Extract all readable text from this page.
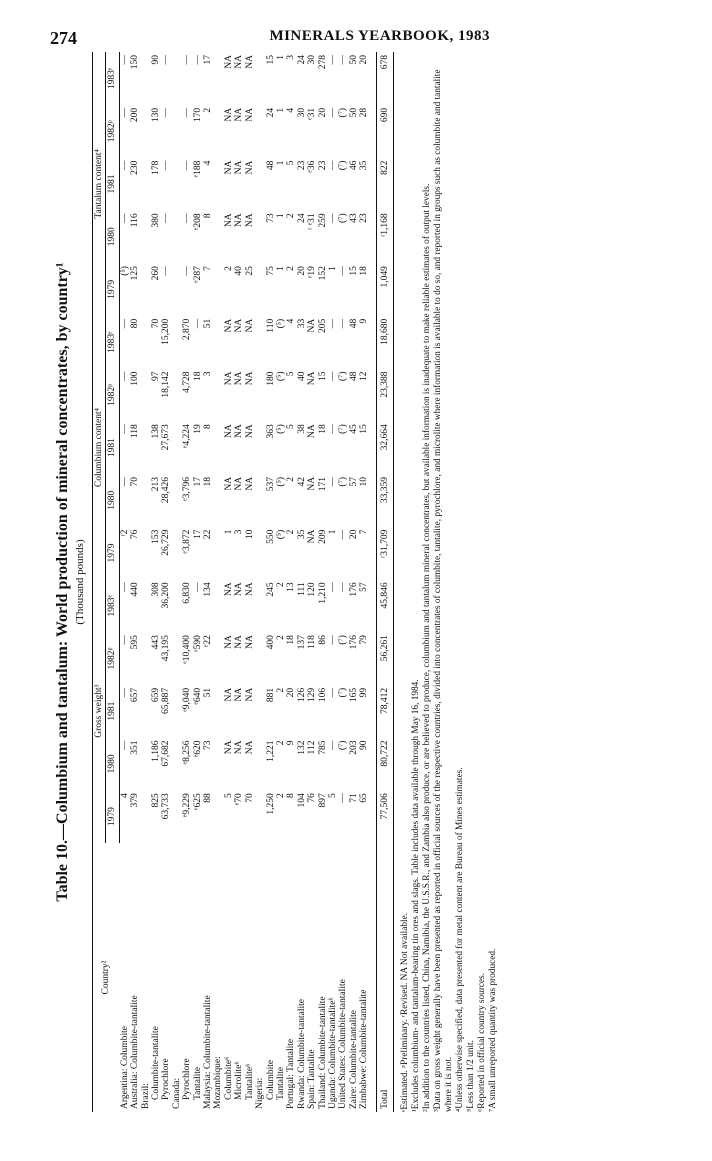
274	MINERALS YEARBOOK, 1983
Table 10.—Columbium and tantalum: World production of mineral concentrates, by country¹ (Thousand pounds)
Country²	Gross weight³					Columbium content⁴					Tantalum content⁴				
	1979	1980	1981	1982ᵖ	1983ᵉ	1979	1980	1981	1982ᵖ	1983ᵉ	1979	1980	1981	1982ᵖ	1983ᵉ
Argentina: Columbite	4	—	—	—	—	ʳ2	—	—	—	—	(⁵)	—	—	—	—
Australia: Columbite-tantalite	379	351	657	595	440	76	70	118	100	80	125	116	230	200	150
Brazil:															
Columbite-tantalite	825	1,186	659	443	308	153	213	138	97	70	260	380	178	130	90
Pyrochlore	63,733	67,682	65,887	43,195	36,200	26,729	28,426	27,673	18,142	15,200	—	—	—	—	—
Canada:															
Pyrochlore	ᵉ9,229	ᵉ8,256	ᵉ9,040	ᵉ10,400	6,830	ᵉ3,872	ᵉ3,796	ᵉ4,224	4,728	2,870	—	—	—	—	—
Tantalite	ᵉ625	ᵉ620	ᵉ640	ᵉ590	—	17	17	19	18	—	ᵉ287	ᵉ208	ᵉ188	170	—
Malaysia: Columbite-tantalite	88	73	51	ᵉ22	134	22	18	8	3	51	7	8	4	2	17
Mozambique:															
Columbite⁶	5	NA	NA	NA	NA	1	NA	NA	NA	NA	2	NA	NA	NA	NA
Microlite⁶	ᵉ70	NA	NA	NA	NA	3	NA	NA	NA	NA	40	NA	NA	NA	NA
Tantalite⁶	70	NA	NA	NA	NA	10	NA	NA	NA	NA	25	NA	NA	NA	NA
Nigeria:															
Columbite	1,250	1,221	881	400	245	550	537	363	180	110	75	73	48	24	15
Tantalite	2	2	2	2	2	(⁵)	(⁵)	(⁵)	(⁵)	(⁵)	1	1	1	1	1
Portugal: Tantalite	8	9	20	18	13	2	2	5	5	4	2	2	5	4	3
Rwanda: Columbite-tantalite	104	132	126	137	111	35	42	38	40	33	20	24	23	30	24
Spain: Tantalite	76	112	129	118	120	NA	NA	NA	NA	NA	ᵉ19	ʳ ᵉ31	ᵉ36	ᵉ31	30
Thailand: Columbite-tantalite	897	785	106	86	1,210	209	171	18	15	205	152	259	23	20	278
Uganda: Columbite-tantalite⁶	5	—	—	—	—	1	—	—	—	—	1	—	—	—	—
United States: Columbite-tantalite	—	(⁷)	(⁷)	(⁷)	—	—	(⁷)	(⁷)	(⁷)	—	—	(⁷)	(⁷)	(⁷)	—
Zaire: Columbite-tantalite	71	203	165	176	176	20	57	45	48	48	15	43	46	50	50
Zimbabwe: Columbite-tantalite	65	90	99	79	57	7	10	15	12	9	18	23	35	28	20

Total	77,506	80,722	78,412	56,261	45,846	ʳ31,709	33,359	32,664	23,388	18,680	1,049	ʳ1,168	822	690	678

ᵉEstimated. ᵖPreliminary. ʳRevised. NA Not available. ¹Excludes columbium- and tantalum-bearing tin ores and slags. Table includes data available through May 16, 1984. ²In addition to the countries listed, China, Namibia, the U.S.S.R., and Zambia also produce, or are believed to produce, columbium and tantalum mineral concentrates, but available information is inadequate to make reliable estimates of output levels. ³Data on gross weight generally have been presented as reported in official sources of the respective countries, divided into concentrates of columbite, tantalite, pyrochlore, and microlite where information is available to do so, and reported in groups such as columbite and tantalite where it is not. ⁴Unless otherwise specified, data presented for metal content are Bureau of Mines estimates. ⁵Less than 1/2 unit. ⁶Reported in official country sources. ⁷A small unreported quantity was produced.
